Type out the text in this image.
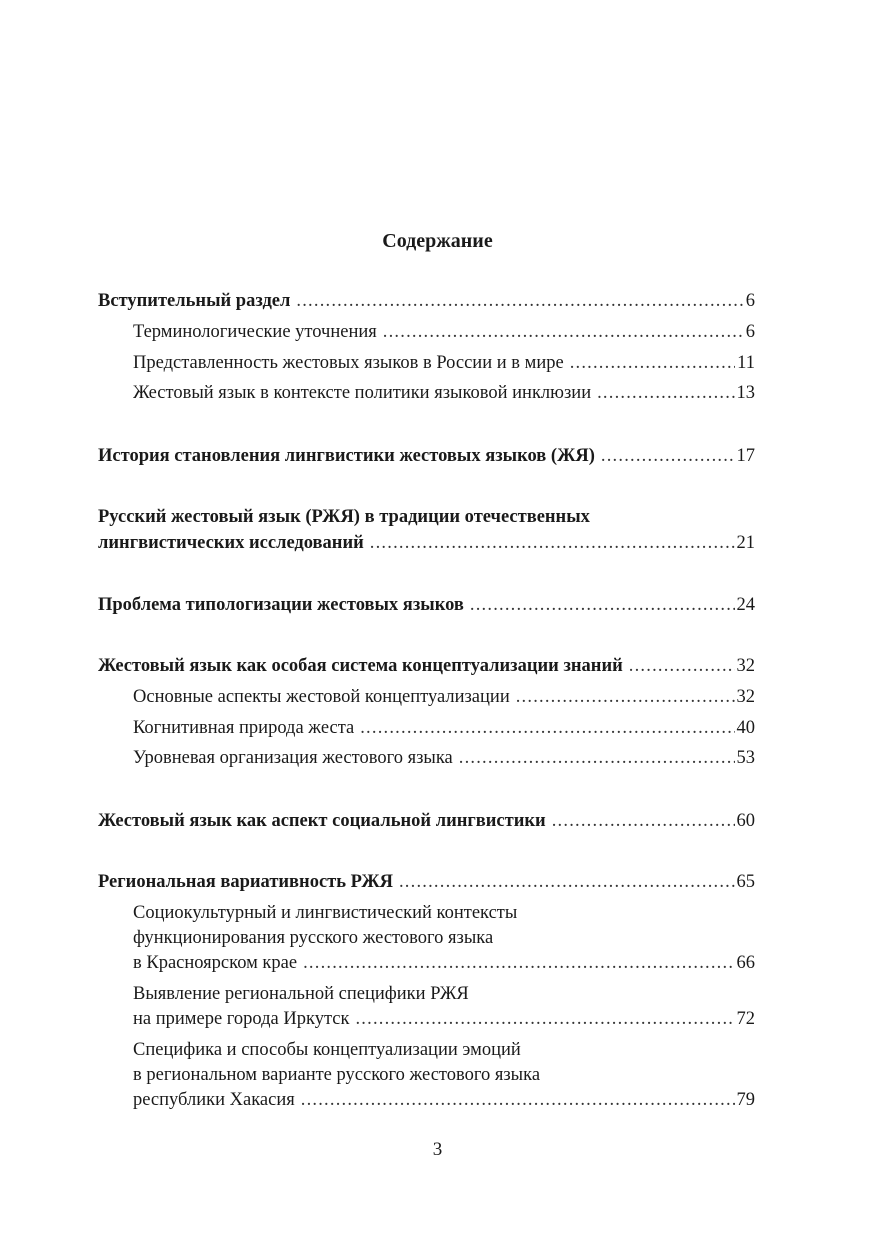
Содержание
Вступительный раздел .....	6
Терминологические уточнения .....	6
Представленность жестовых языков в России и в мире .....	11
Жестовый язык в контексте политики языковой инклюзии .....	13
История становления лингвистики жестовых языков (ЖЯ) .....	17
Русский жестовый язык (РЖЯ) в традиции отечественных
лингвистических исследований .....	21
Проблема типологизации жестовых языков .....	24
Жестовый язык как особая система концептуализации знаний .....	32
Основные аспекты жестовой концептуализации .....	32
Когнитивная природа жеста .....	40
Уровневая организация жестового языка .....	53
Жестовый язык как аспект социальной лингвистики .....	60
Региональная вариативность РЖЯ .....	65
Социокультурный и лингвистический контексты
функционирования русского жестового языка
в Красноярском крае .....	66
Выявление региональной специфики РЖЯ
на примере города Иркутск .....	72
Специфика и способы концептуализации эмоций
в региональном варианте русского жестового языка
республики Хакасия .....	79
3
